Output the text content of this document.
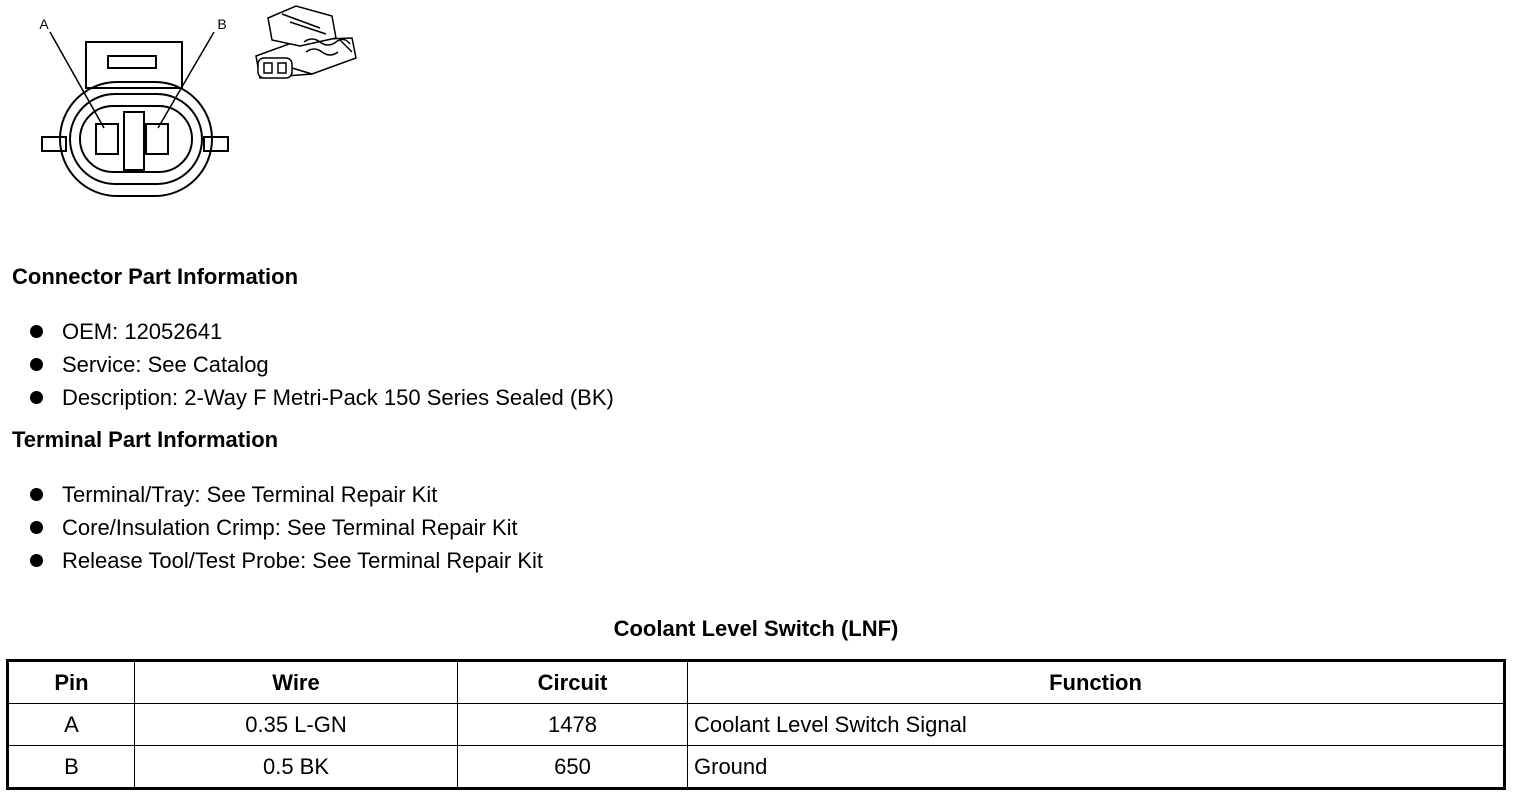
A	B
Connector Part Information
OEM: 12052641
Service: See Catalog
Description: 2-Way F Metri-Pack 150 Series Sealed (BK)
Terminal Part Information
Terminal/Tray: See Terminal Repair Kit
Core/Insulation Crimp: See Terminal Repair Kit
Release Tool/Test Probe: See Terminal Repair Kit
Coolant Level Switch (LNF)
Pin	Wire	Circuit	Function
A	0.35 L-GN	1478	Coolant Level Switch Signal
B	0.5 BK	650	Ground
